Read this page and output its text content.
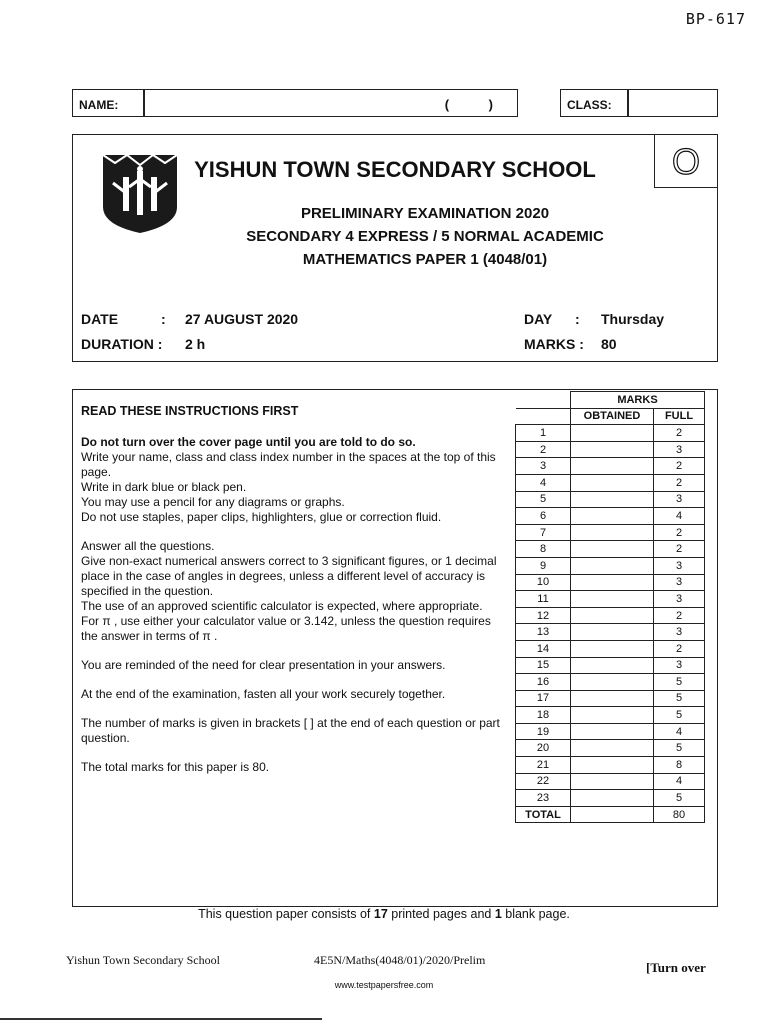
BP-617
NAME:	( )	CLASS:
YISHUN TOWN SECONDARY SCHOOL	O
PRELIMINARY EXAMINATION 2020
SECONDARY 4 EXPRESS / 5 NORMAL ACADEMIC
MATHEMATICS PAPER 1 (4048/01)
DATE	: 27 AUGUST 2020
DURATION : 2 h
DAY : Thursday
MARKS : 80
READ THESE INSTRUCTIONS FIRST

Do not turn over the cover page until you are told to do so.
Write your name, class and class index number in the spaces at the top of this page.
Write in dark blue or black pen.
You may use a pencil for any diagrams or graphs.
Do not use staples, paper clips, highlighters, glue or correction fluid.

Answer all the questions.
Give non-exact numerical answers correct to 3 significant figures, or 1 decimal place in the case of angles in degrees, unless a different level of accuracy is specified in the question.
The use of an approved scientific calculator is expected, where appropriate.
For π , use either your calculator value or 3.142, unless the question requires the answer in terms of π .

You are reminded of the need for clear presentation in your answers.

At the end of the examination, fasten all your work securely together.

The number of marks is given in brackets [ ] at the end of each question or part question.

The total marks for this paper is 80.

	MARKS	
	OBTAINED	FULL
1		2
2		3
3		2
4		2
5		3
6		4
7		2
8		2
9		3
10		3
11		3
12		2
13		3
14		2
15		3
16		5
17		5
18		5
19		4
20		5
21		8
22		4
23		5
TOTAL		80
This question paper consists of 17 printed pages and 1 blank page.
Yishun Town Secondary School	4E5N/Maths(4048/01)/2020/Prelim	[Turn over
www.testpapersfree.com
